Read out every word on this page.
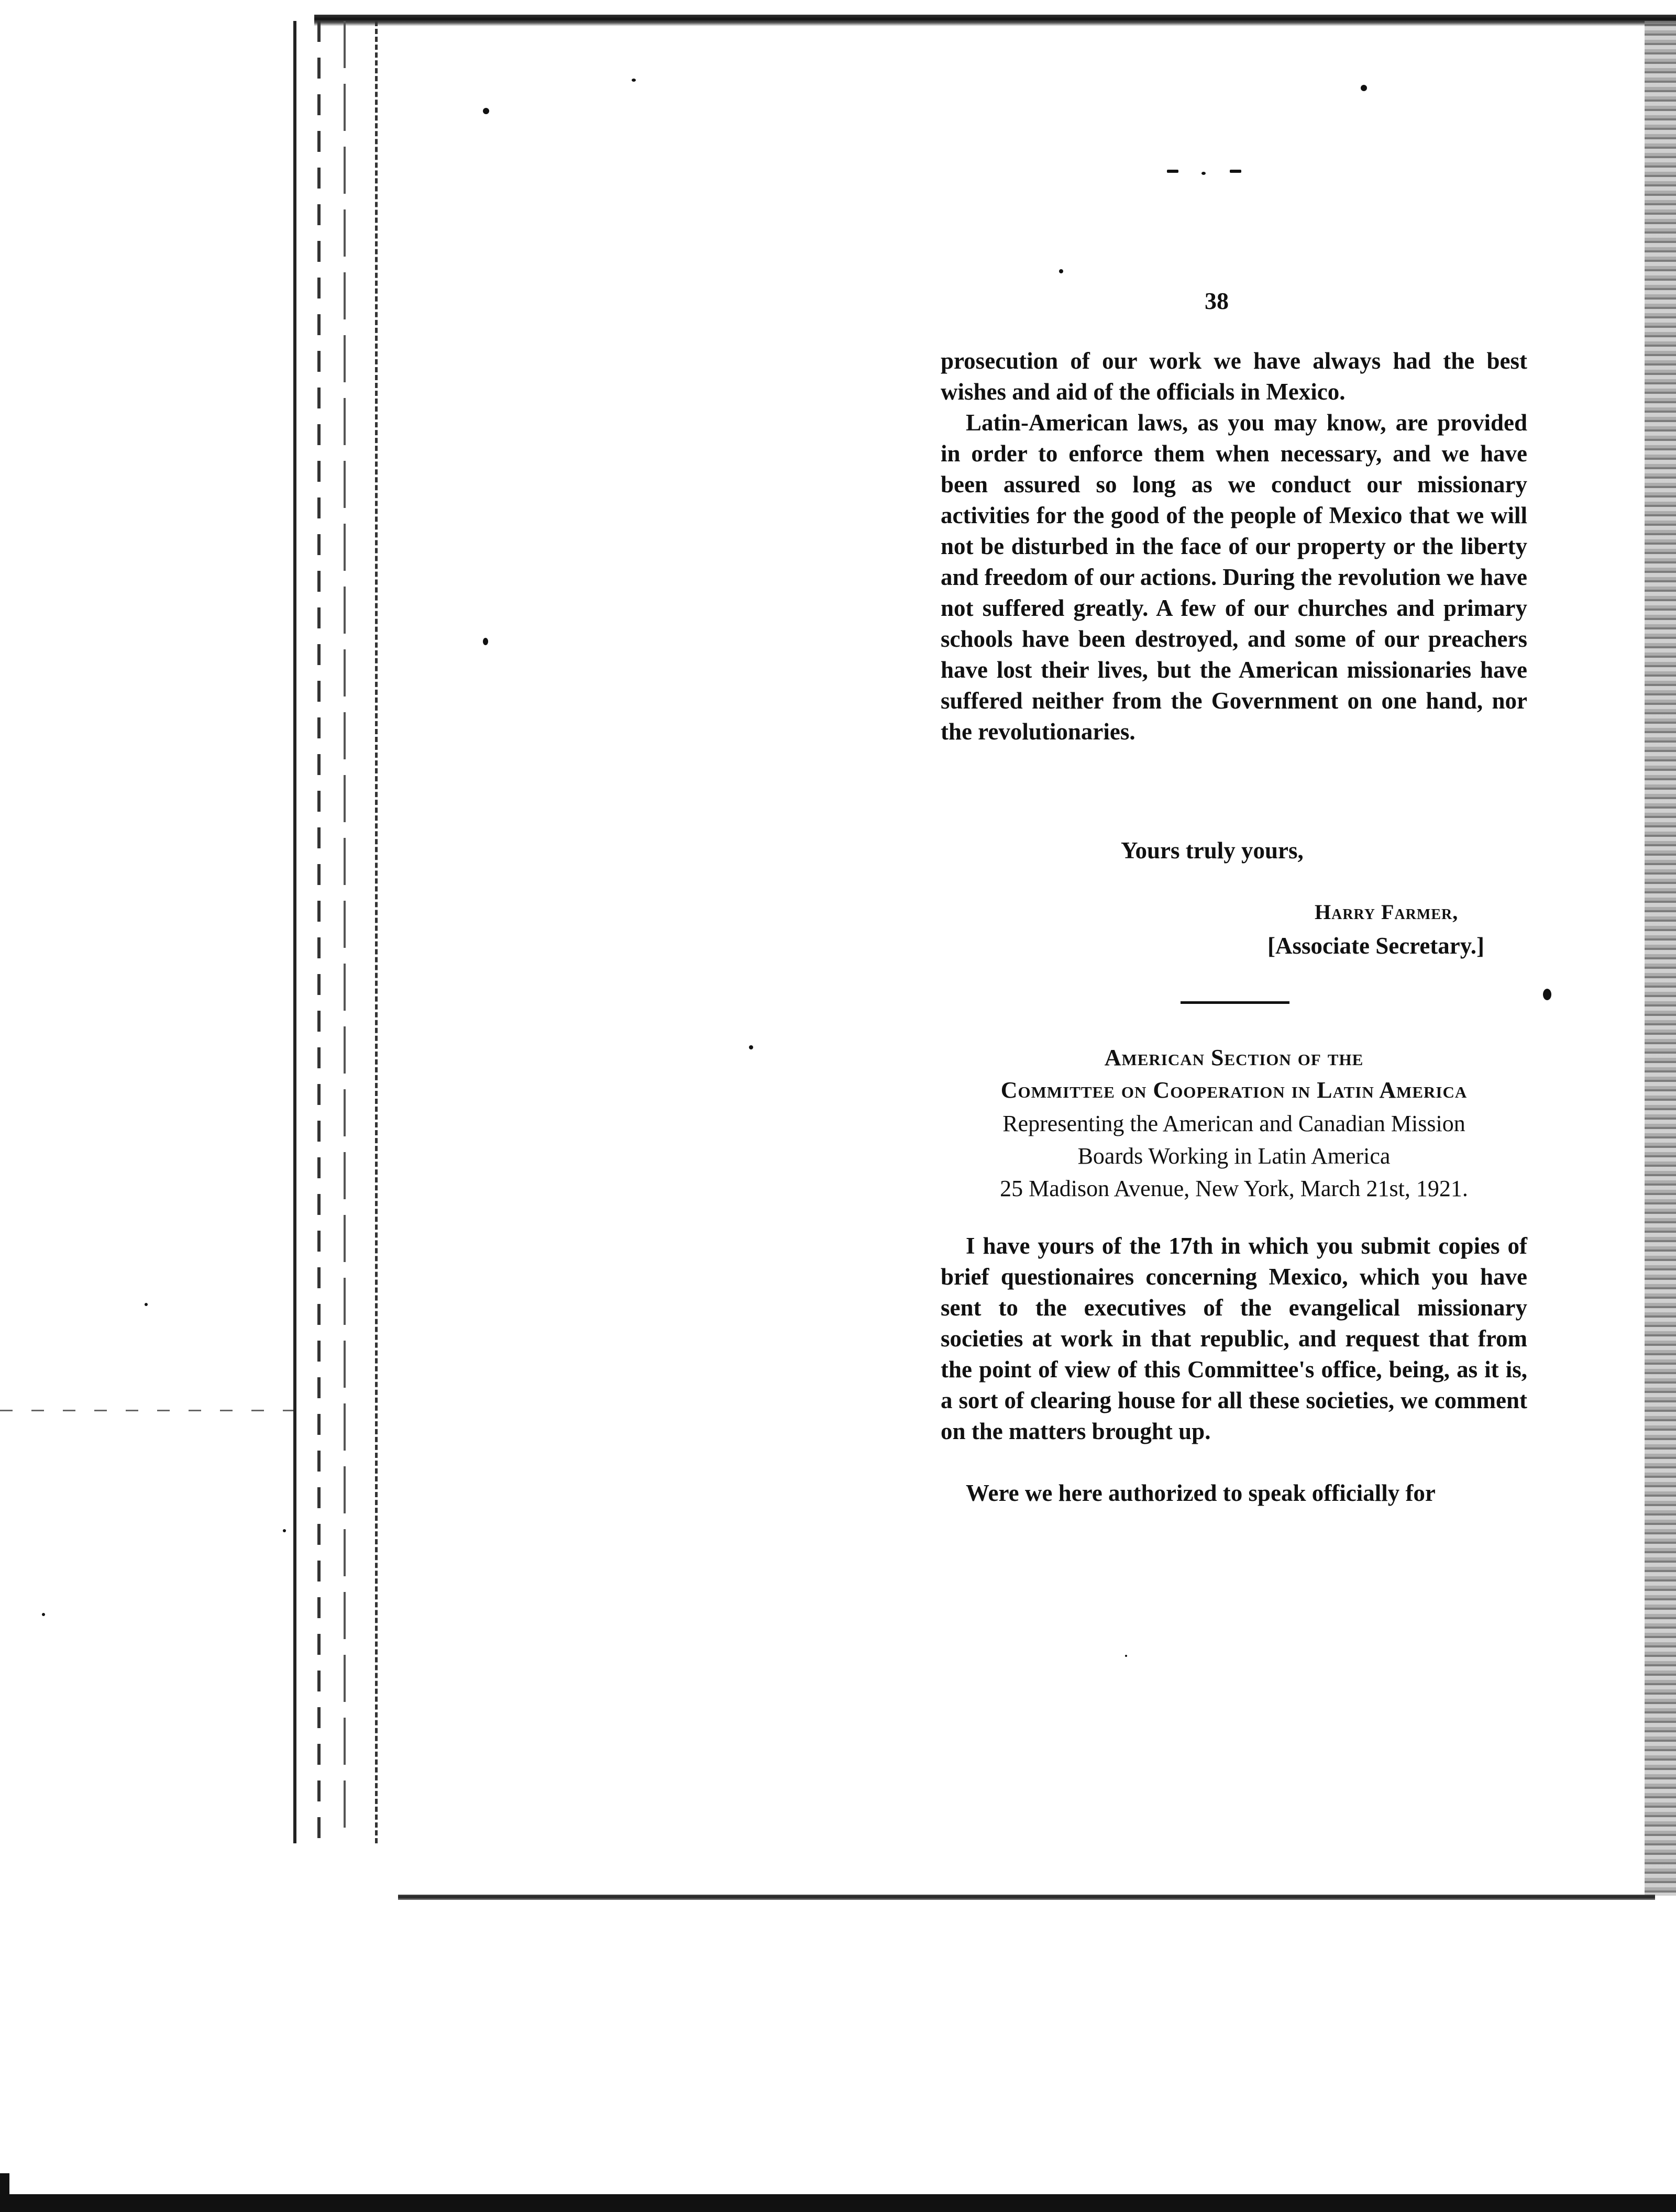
38

prosecution of our work we have always had the best wishes and aid of the officials in Mexico.

Latin-American laws, as you may know, are provided in order to enforce them when necessary, and we have been assured so long as we conduct our missionary activities for the good of the people of Mexico that we will not be disturbed in the face of our property or the liberty and freedom of our actions. During the revolution we have not suffered greatly. A few of our churches and primary schools have been destroyed, and some of our preachers have lost their lives, but the American missionaries have suffered neither from the Government on one hand, nor the revolutionaries.

Yours truly yours,
Harry Farmer,
[Associate Secretary.]
American Section of the
Committee on Cooperation in Latin America
Representing the American and Canadian Mission
Boards Working in Latin America
25 Madison Avenue, New York, March 21st, 1921.

I have yours of the 17th in which you submit copies of brief questionaires concerning Mexico, which you have sent to the executives of the evangelical missionary societies at work in that republic, and request that from the point of view of this Committee's office, being, as it is, a sort of clearing house for all these societies, we comment on the matters brought up.

Were we here authorized to speak officially for
